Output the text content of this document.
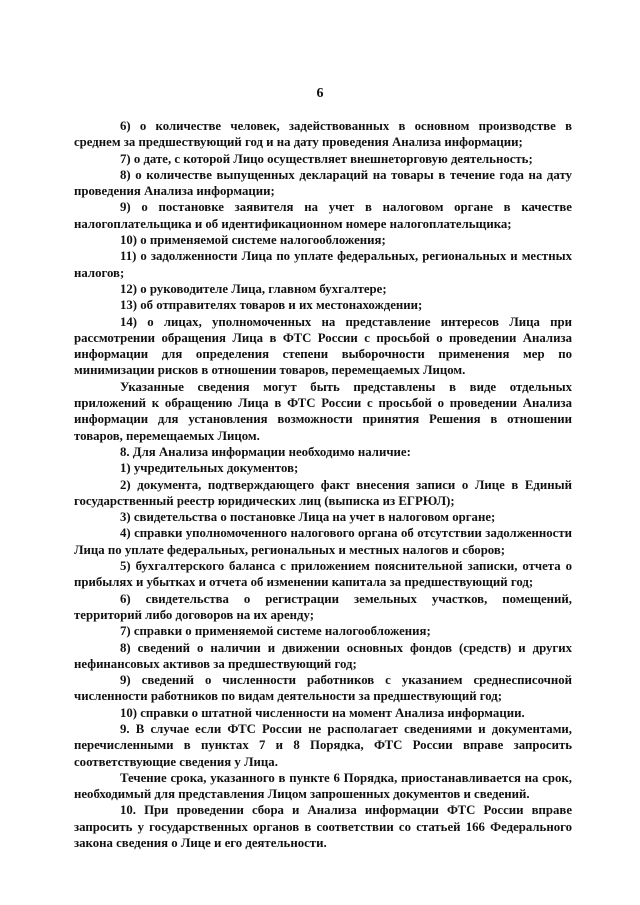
6

6) о количестве человек, задействованных в основном производстве в среднем за предшествующий год и на дату проведения Анализа информации;

7) о дате, с которой Лицо осуществляет внешнеторговую деятельность;

8) о количестве выпущенных деклараций на товары в течение года на дату проведения Анализа информации;

9) о постановке заявителя на учет в налоговом органе в качестве налогоплательщика и об идентификационном номере налогоплательщика;

10) о применяемой системе налогообложения;

11) о задолженности Лица по уплате федеральных, региональных и местных налогов;

12) о руководителе Лица, главном бухгалтере;

13) об отправителях товаров и их местонахождении;

14) о лицах, уполномоченных на представление интересов Лица при рассмотрении обращения Лица в ФТС России с просьбой о проведении Анализа информации для определения степени выборочности применения мер по минимизации рисков в отношении товаров, перемещаемых Лицом.

Указанные сведения могут быть представлены в виде отдельных приложений к обращению Лица в ФТС России с просьбой о проведении Анализа информации для установления возможности принятия Решения в отношении товаров, перемещаемых Лицом.

8. Для Анализа информации необходимо наличие:

1) учредительных документов;

2) документа, подтверждающего факт внесения записи о Лице в Единый государственный реестр юридических лиц (выписка из ЕГРЮЛ);

3) свидетельства о постановке Лица на учет в налоговом органе;

4) справки уполномоченного налогового органа об отсутствии задолженности Лица по уплате федеральных, региональных и местных налогов и сборов;

5) бухгалтерского баланса с приложением пояснительной записки, отчета о прибылях и убытках и отчета об изменении капитала за предшествующий год;

6) свидетельства о регистрации земельных участков, помещений, территорий либо договоров на их аренду;

7) справки о применяемой системе налогообложения;

8) сведений о наличии и движении основных фондов (средств) и других нефинансовых активов за предшествующий год;

9) сведений о численности работников с указанием среднесписочной численности работников по видам деятельности за предшествующий год;

10) справки о штатной численности на момент Анализа информации.

9. В случае если ФТС России не располагает сведениями и документами, перечисленными в пунктах 7 и 8 Порядка, ФТС России вправе запросить соответствующие сведения у Лица.

Течение срока, указанного в пункте 6 Порядка, приостанавливается на срок, необходимый для представления Лицом запрошенных документов и сведений.

10. При проведении сбора и Анализа информации ФТС России вправе запросить у государственных органов в соответствии со статьей 166 Федерального закона сведения о Лице и его деятельности.
